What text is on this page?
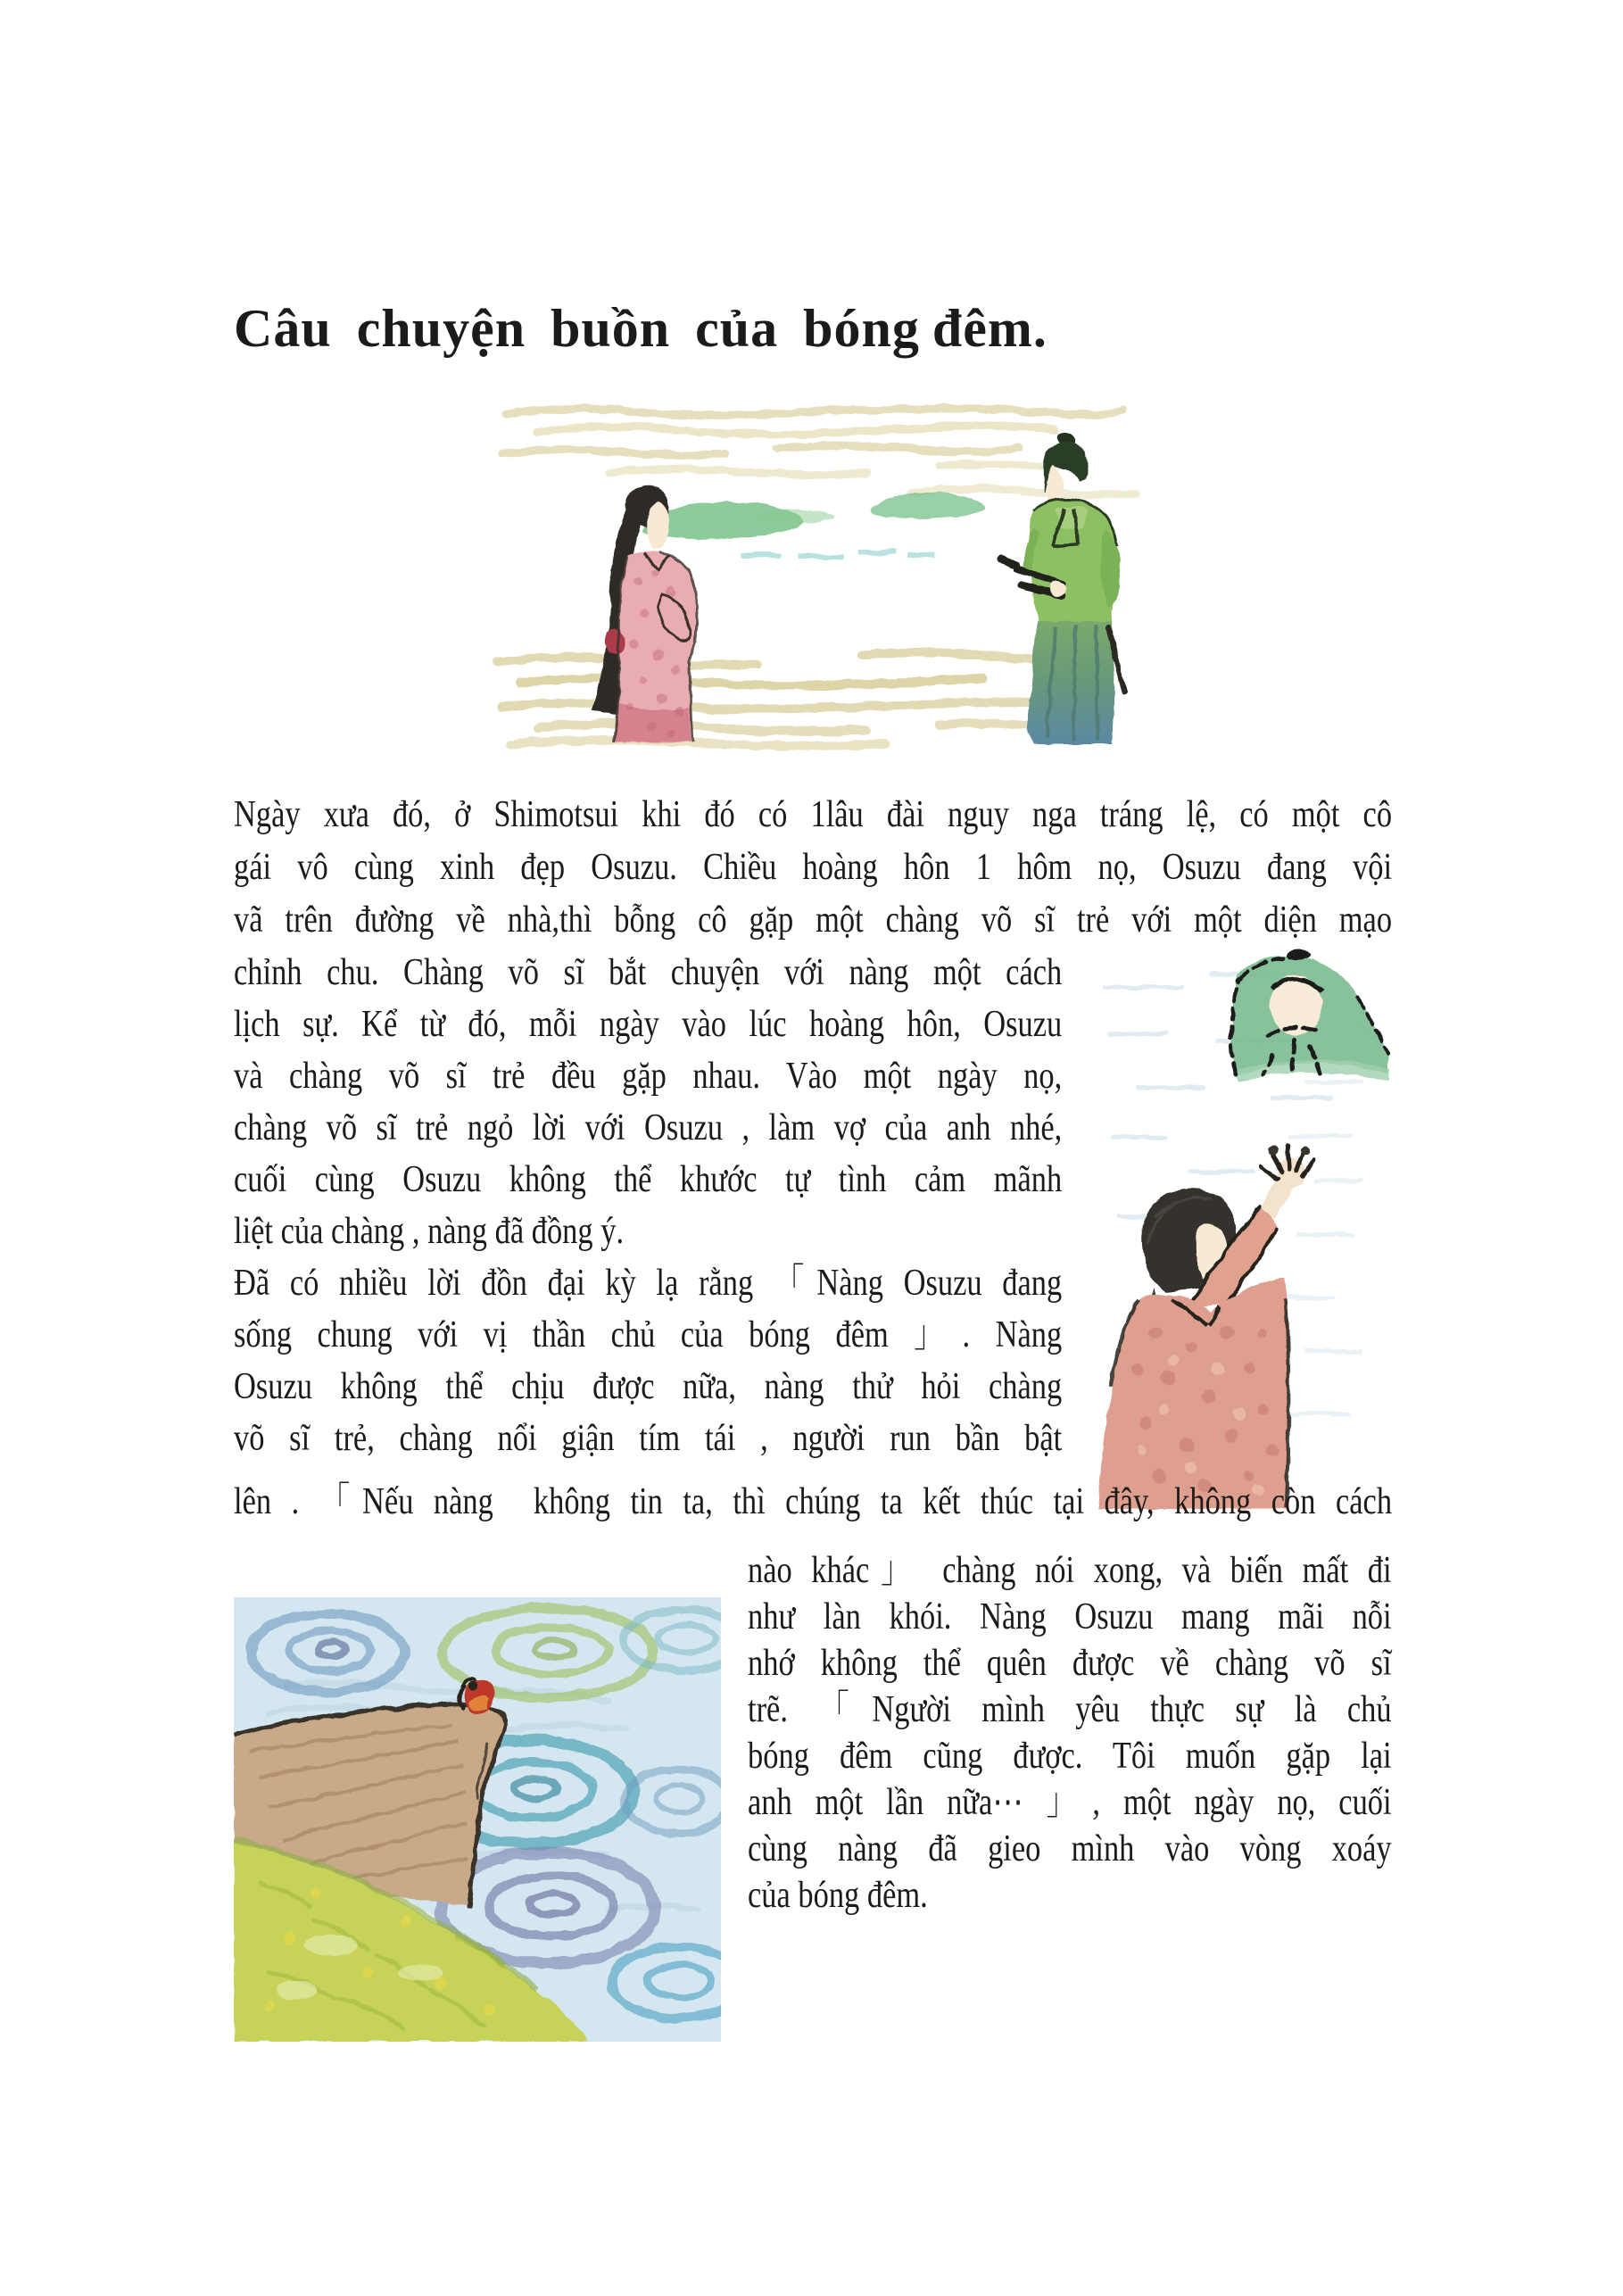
Câu chuyện buồn của bóng đêm.
Ngày xưa đó, ở Shimotsui khi đó có 1lâu đài nguy nga tráng lệ, có một cô
gái vô cùng xinh đẹp Osuzu. Chiều hoàng hôn 1 hôm nọ, Osuzu đang vội
vã trên đường về nhà,thì bỗng cô gặp một chàng võ sĩ trẻ với một diện mạo
chỉnh chu. Chàng võ sĩ bắt chuyện với nàng một cách
lịch sự. Kể từ đó, mỗi ngày vào lúc hoàng hôn, Osuzu
và chàng võ sĩ trẻ đều gặp nhau. Vào một ngày nọ,
chàng võ sĩ trẻ ngỏ lời với Osuzu , làm vợ của anh nhé,
cuối cùng Osuzu không thể khước tự tình cảm mãnh
liệt của chàng , nàng đã đồng ý.
Đã có nhiều lời đồn đại kỳ lạ rằng 「Nàng Osuzu đang
sống chung với vị thần chủ của bóng đêm 」. Nàng
Osuzu không thể chịu được nữa, nàng thử hỏi chàng
võ sĩ trẻ, chàng nổi giận tím tái , người run bần bật
lên . 「Nếu nàng  không tin ta, thì chúng ta kết thúc tại đây, không còn cách
nào khác」 chàng nói xong, và biến mất đi
như làn khói. Nàng Osuzu mang mãi nỗi
nhớ không thể quên được về chàng võ sĩ
trẽ. 「Người mình yêu thực sự là chủ
bóng đêm cũng được. Tôi muốn gặp lại
anh một lần nữa⋯ 」, một ngày nọ, cuối
cùng nàng đã gieo mình vào vòng xoáy
của bóng đêm.
